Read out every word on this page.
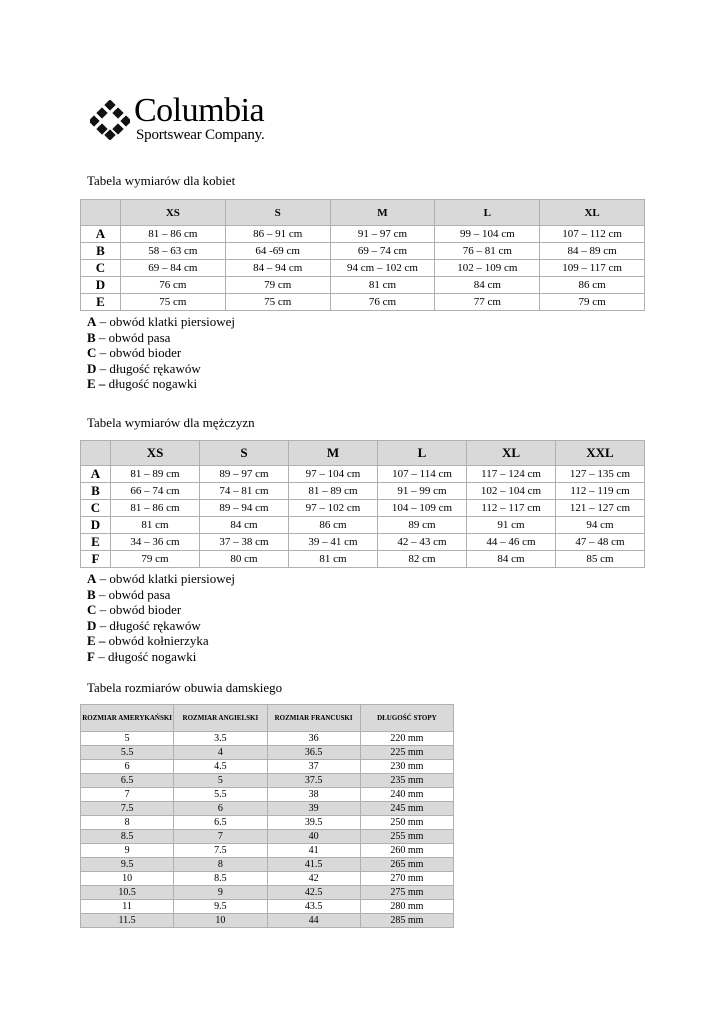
Columbia
Sportswear Company.
Tabela wymiarów dla kobiet
	XS	S	M	L	XL
A	81 – 86 cm	86 – 91 cm	91 – 97 cm	99 – 104 cm	107 – 112 cm
B	58 – 63 cm	64 -69 cm	69 – 74 cm	76 – 81 cm	84 – 89 cm
C	69 – 84 cm	84 – 94 cm	94 cm – 102 cm	102 – 109 cm	109 – 117 cm
D	76 cm	79 cm	81 cm	84 cm	86 cm
E	75 cm	75 cm	76 cm	77 cm	79 cm
A – obwód klatki piersiowej
B – obwód pasa
C – obwód bioder
D – długość rękawów
E – długość nogawki
Tabela wymiarów dla mężczyzn
	XS	S	M	L	XL	XXL
A	81 – 89 cm	89 – 97 cm	97 – 104 cm	107 – 114 cm	117 – 124 cm	127 – 135 cm
B	66 – 74 cm	74 – 81 cm	81 – 89 cm	91 – 99 cm	102 – 104 cm	112 – 119 cm
C	81 – 86 cm	89 – 94 cm	97 – 102 cm	104 – 109 cm	112 – 117 cm	121 – 127 cm
D	81 cm	84 cm	86 cm	89 cm	91 cm	94 cm
E	34 – 36 cm	37 – 38 cm	39 – 41 cm	42 – 43 cm	44 – 46 cm	47 – 48 cm
F	79 cm	80 cm	81 cm	82 cm	84 cm	85 cm
A – obwód klatki piersiowej
B – obwód pasa
C – obwód bioder
D – długość rękawów
E – obwód kołnierzyka
F – długość nogawki
Tabela rozmiarów obuwia damskiego
ROZMIAR AMERYKAŃSKI	ROZMIAR ANGIELSKI	ROZMIAR FRANCUSKI	DŁUGOŚĆ STOPY
5	3.5	36	220 mm
5.5	4	36.5	225 mm
6	4.5	37	230 mm
6.5	5	37.5	235 mm
7	5.5	38	240 mm
7.5	6	39	245 mm
8	6.5	39.5	250 mm
8.5	7	40	255 mm
9	7.5	41	260 mm
9.5	8	41.5	265 mm
10	8.5	42	270 mm
10.5	9	42.5	275 mm
11	9.5	43.5	280 mm
11.5	10	44	285 mm
